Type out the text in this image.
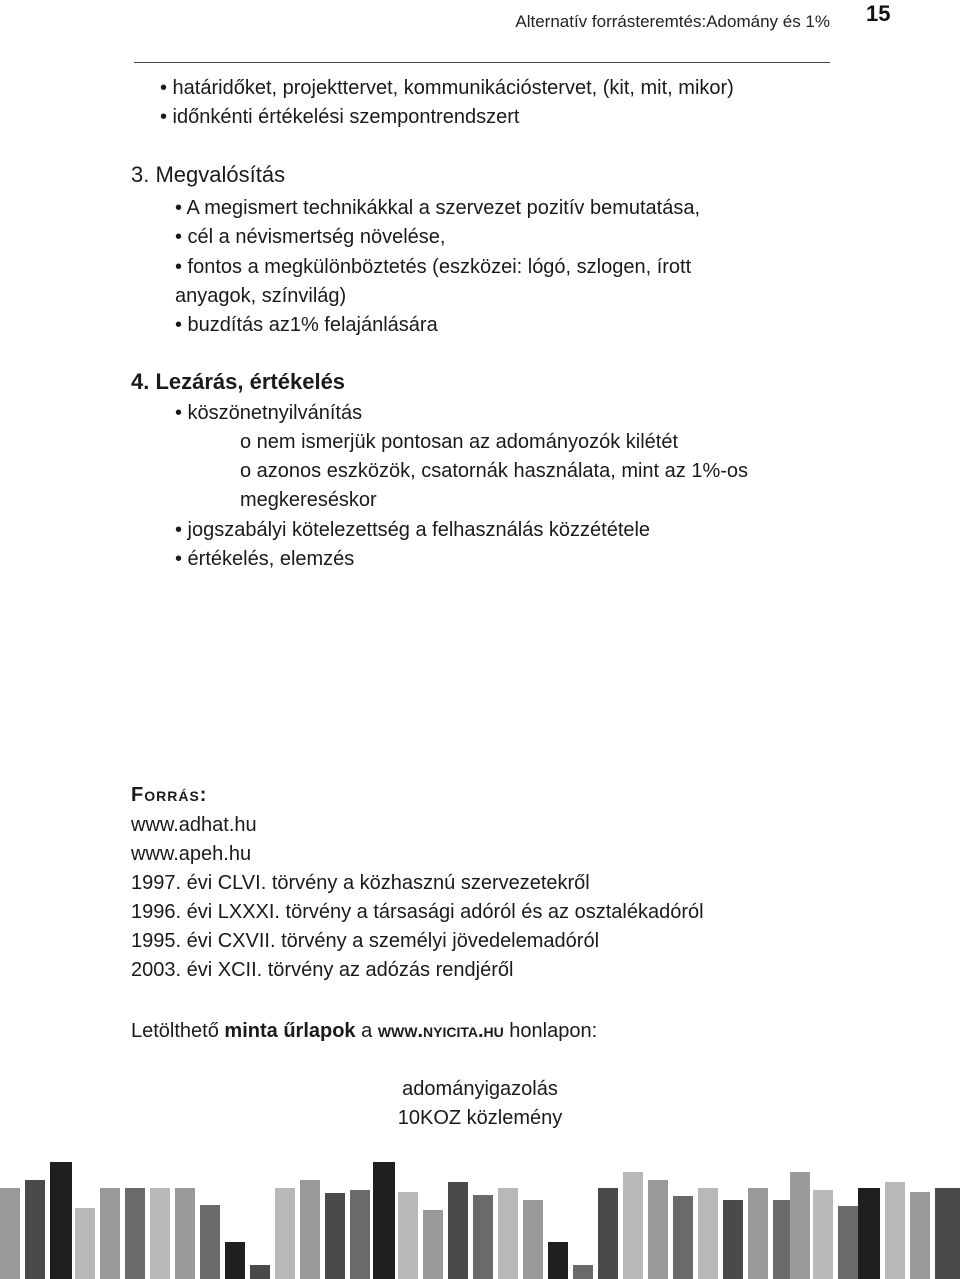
Alternatív forrásteremtés:Adomány és 1% 15
• határidőket, projekttervet, kommunikációstervet, (kit, mit, mikor)
• időnkénti értékelési szempontrendszert
3. Megvalósítás
• A megismert technikákkal a szervezet pozitív bemutatása,
• cél a névismertség növelése,
• fontos a megkülönböztetés (eszközei: lógó, szlogen, írott
anyagok, színvilág)
• buzdítás az1% felajánlására
4. Lezárás, értékelés
• köszönetnyilvánítás
o nem ismerjük pontosan az adományozók kilétét
o azonos eszközök, csatornák használata, mint az 1%-os
megkereséskor
• jogszabályi kötelezettség a felhasználás közzététele
• értékelés, elemzés
Forrás:
www.adhat.hu
www.apeh.hu
1997. évi CLVI. törvény a közhasznú szervezetekről
1996. évi LXXXI. törvény a társasági adóról és az osztalékadóról
1995. évi CXVII. törvény a személyi jövedelemadóról
2003. évi XCII. törvény az adózás rendjéről
Letölthető minta űrlapok a www.nyicita.hu honlapon:
adományigazolás
10KOZ közlemény
